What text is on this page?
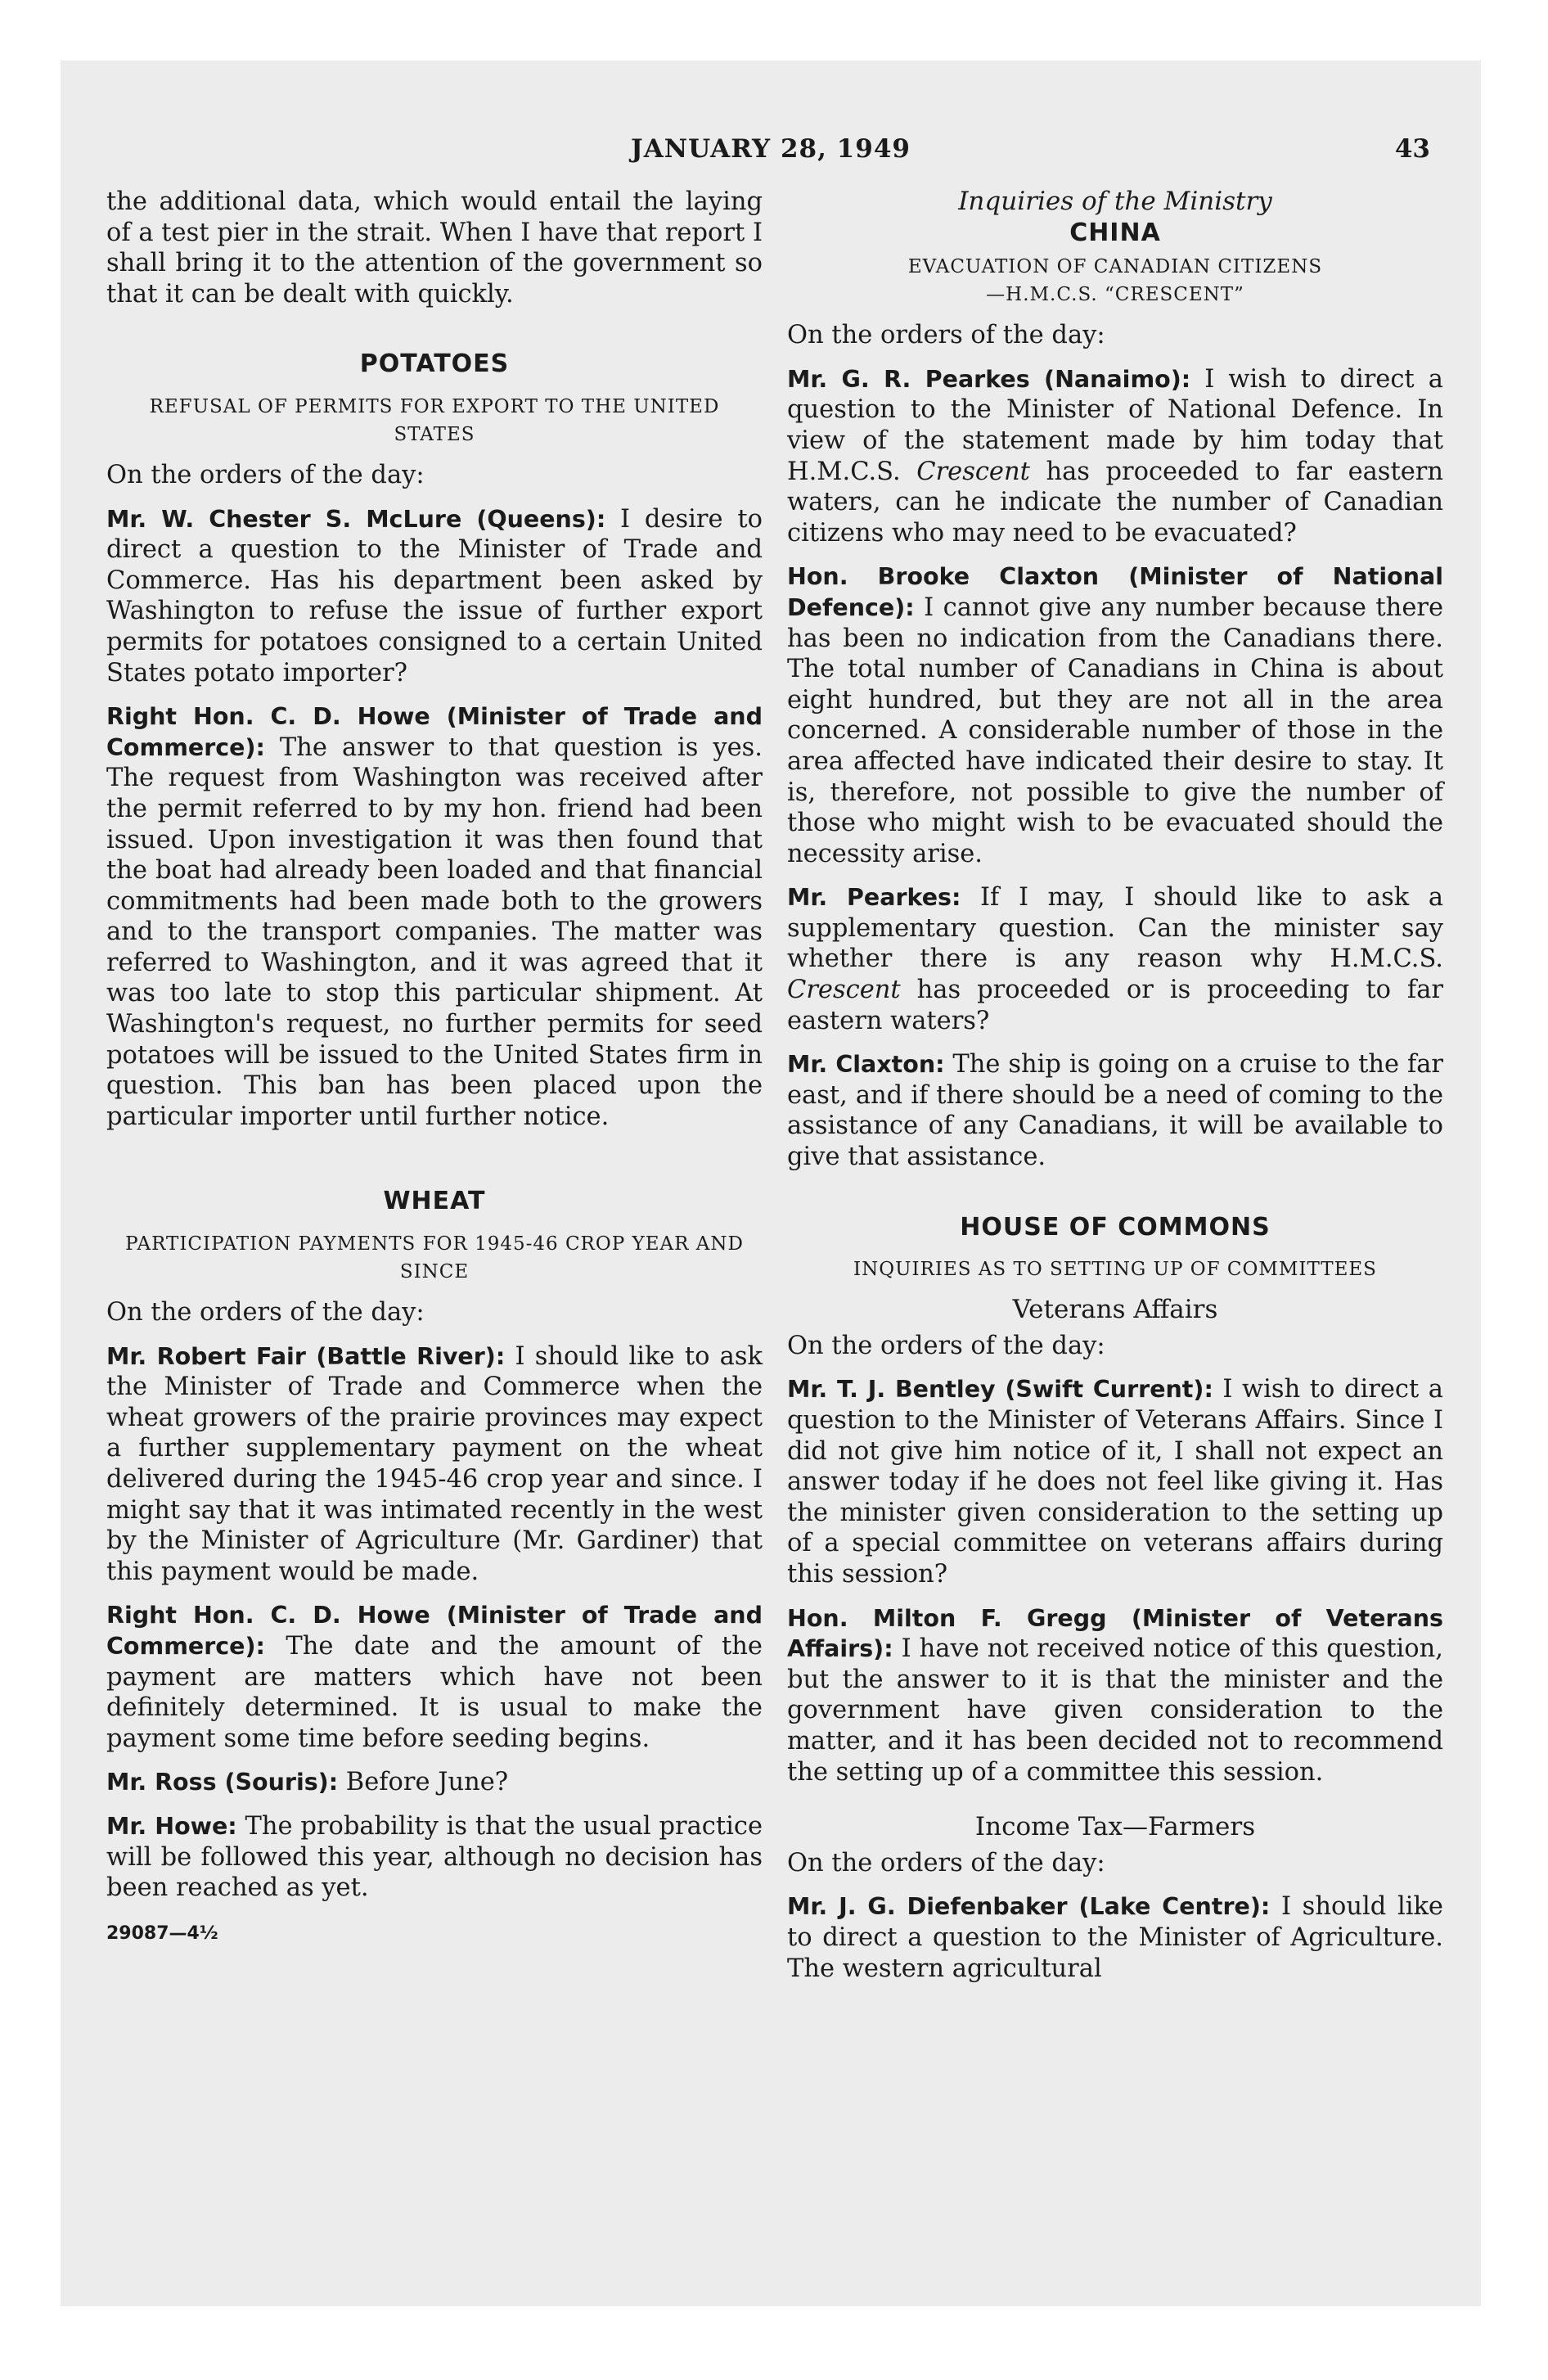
JANUARY 28, 1949	43

the additional data, which would entail the laying of a test pier in the strait. When I have that report I shall bring it to the attention of the government so that it can be dealt with quickly.

POTATOES
REFUSAL OF PERMITS FOR EXPORT TO THE UNITED STATES

On the orders of the day:

Mr. W. Chester S. McLure (Queens): I desire to direct a question to the Minister of Trade and Commerce. Has his department been asked by Washington to refuse the issue of further export permits for potatoes consigned to a certain United States potato importer?

Right Hon. C. D. Howe (Minister of Trade and Commerce): The answer to that question is yes. The request from Washington was received after the permit referred to by my hon. friend had been issued. Upon investigation it was then found that the boat had already been loaded and that financial commitments had been made both to the growers and to the transport companies. The matter was referred to Washington, and it was agreed that it was too late to stop this particular shipment. At Washington's request, no further permits for seed potatoes will be issued to the United States firm in question. This ban has been placed upon the particular importer until further notice.

WHEAT
PARTICIPATION PAYMENTS FOR 1945-46 CROP YEAR AND SINCE

On the orders of the day:

Mr. Robert Fair (Battle River): I should like to ask the Minister of Trade and Commerce when the wheat growers of the prairie provinces may expect a further supplementary payment on the wheat delivered during the 1945-46 crop year and since. I might say that it was intimated recently in the west by the Minister of Agriculture (Mr. Gardiner) that this payment would be made.

Right Hon. C. D. Howe (Minister of Trade and Commerce): The date and the amount of the payment are matters which have not been definitely determined. It is usual to make the payment some time before seeding begins.

Mr. Ross (Souris): Before June?

Mr. Howe: The probability is that the usual practice will be followed this year, although no decision has been reached as yet.

29087—4½
Inquiries of the Ministry
CHINA
EVACUATION OF CANADIAN CITIZENS
—H.M.C.S. “CRESCENT”

On the orders of the day:

Mr. G. R. Pearkes (Nanaimo): I wish to direct a question to the Minister of National Defence. In view of the statement made by him today that H.M.C.S. Crescent has proceeded to far eastern waters, can he indicate the number of Canadian citizens who may need to be evacuated?

Hon. Brooke Claxton (Minister of National Defence): I cannot give any number because there has been no indication from the Canadians there. The total number of Canadians in China is about eight hundred, but they are not all in the area concerned. A considerable number of those in the area affected have indicated their desire to stay. It is, therefore, not possible to give the number of those who might wish to be evacuated should the necessity arise.

Mr. Pearkes: If I may, I should like to ask a supplementary question. Can the minister say whether there is any reason why H.M.C.S. Crescent has proceeded or is proceeding to far eastern waters?

Mr. Claxton: The ship is going on a cruise to the far east, and if there should be a need of coming to the assistance of any Canadians, it will be available to give that assistance.

HOUSE OF COMMONS
INQUIRIES AS TO SETTING UP OF COMMITTEES
Veterans Affairs

On the orders of the day:

Mr. T. J. Bentley (Swift Current): I wish to direct a question to the Minister of Veterans Affairs. Since I did not give him notice of it, I shall not expect an answer today if he does not feel like giving it. Has the minister given consideration to the setting up of a special committee on veterans affairs during this session?

Hon. Milton F. Gregg (Minister of Veterans Affairs): I have not received notice of this question, but the answer to it is that the minister and the government have given consideration to the matter, and it has been decided not to recommend the setting up of a committee this session.

Income Tax—Farmers

On the orders of the day:

Mr. J. G. Diefenbaker (Lake Centre): I should like to direct a question to the Minister of Agriculture. The western agricultural
